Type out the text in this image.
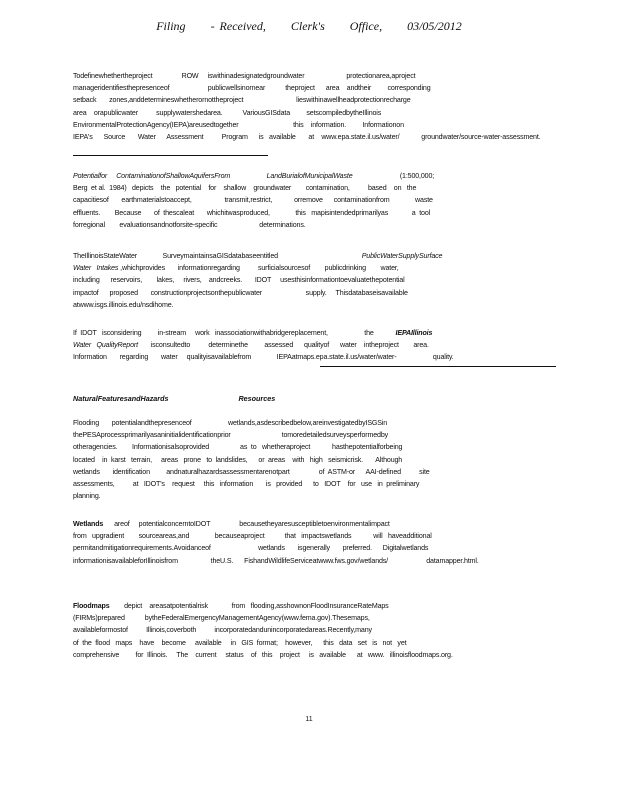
Filing - Received, Clerk's Office, 03/05/2012
Todefinewhethertheproject                ROW     iswithinadesignatedgroundwater                       protectionarea,aproject
manageridentifiesthepresenceof                     publicwellsinornear           theproject      area    andtheir         corresponding
setback       zones,anddetermineswhetherornottheproject                             lieswithinawellheadprotectionrecharge
area    orapublicwater          supplywatershedarea.           VariousGISdata         setscompiledbytheIllinois
EnvironmentalProtectionAgency(IEPA)areusedtogether                              this    information.         Informationon
IEPA's      Source       Water      Assessment          Program      is   available       at    www.epa.state.il.us/water/            groundwater/source-water-assessment.
Potentialfor ContaminationofShallowAquifersFrom	LandBurialofMunicipalWaste	(1:500,000;
Berg  et al.  1984)   depicts    the   potential    for    shallow    groundwater        contamination,          based    on   the
capacitiesof       earthmaterialstoaccept,                  transmit,restrict,            orremove      contaminationfrom              waste
effluents.        Because       of  thescaleat       whichitwasproduced,              this   mapisintendedprimarilyas             a  tool
forregional        evaluationsandnotforsite-specific                       determinations.
TheIllinoisStateWater              SurveymaintainsaGISdatabaseentitled	PublicWaterSupplySurface
Water   Intakes ,whichprovides       informationregarding          surficialsourcesof        publicdrinking        water,
including      reservoirs,        lakes,     rivers,    andcreeks.       IDOT     usesthisinformationtoevaluatethepotential
impactof      proposed       constructionprojectsonthepublicwater                        supply.     Thisdatabaseisavailable
atwww.isgs.illinois.edu/nsdihome.
If  IDOT   isconsidering         in-stream     work   inassociationwithabridgereplacement,                    the	IEPAIllinois
Water   QualityReport isconsultedto          determinethe         assessed      qualityof      water    intheproject        area.
Information       regarding       water     qualityisavailablefrom              IEPAatmaps.epa.state.il.us/water/water-                    quality.
NaturalFeaturesandHazards	Resources
Flooding       potentialandthepresenceof                    wetlands,asdescribedbelow,areinvestigatedbyISGSin
thePESAprocessprimarilyasaninitialidentificationprior                            tomoredetailedsurveysperformedby
otheragencies.        Informationisalsoprovided                 as  to   whetheraproject            hasthepotentialforbeing
located    in  karst   terrain,     areas   prone   to  landslides,      or  areas    with   high   seismicrisk.       Although
wetlands       identification         andnaturalhazardsassessmentarenotpart                of  ASTM-or      AAI-defined          site
assessments,          at   IDOT's    request     this   information       is   provided      to   IDOT    for   use   in  preliminary
planning.
Wetlands areof     potentialconcerntoIDOT                becausetheyaresusceptibletoenvironmentalimpact
from   upgradient        sourceareas,and              becauseaproject           that   impactswetlands            will   haveadditional
permitandmitigationrequirements.Avoidanceof                          wetlands       isgenerally       preferred.      Digitalwetlands
informationisavailableforIllinoisfrom                  theU.S.      FishandWildlifeServiceatwww.fws.gov/wetlands/                     datamapper.html.
Floodmaps depict    areasatpotentialrisk             from   flooding,asshownonFloodInsuranceRateMaps
(FIRMs)prepared           bytheFederalEmergencyManagementAgency(www.fema.gov).Thesemaps,
availableformostof          Illinois,coverboth          incorporatedandunincorporatedareas.Recently,many
of  the  flood   maps    have    become     available     in   GIS  format;    however,      this   data   set   is   not   yet
comprehensive         for  Illinois.     The    current     status    of   this    project     is   available      at   www.   illinoisfloodmaps.org.
11
